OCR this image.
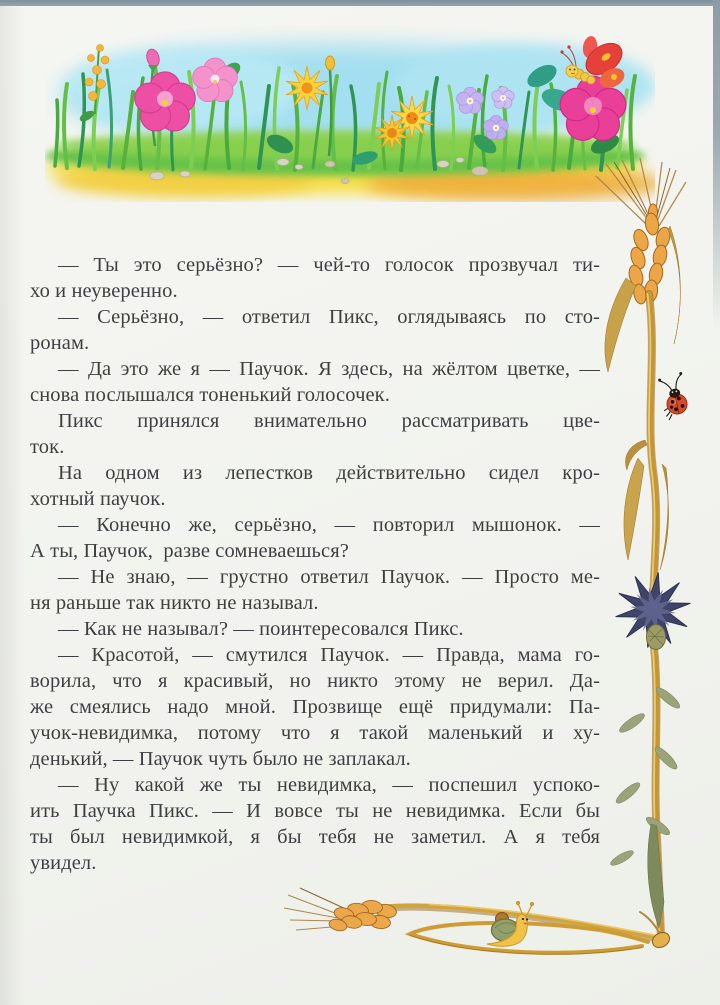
— Ты это серьёзно? — чей-то голосок прозвучал ти-
хо и неуверенно.
— Серьёзно, — ответил Пикс, оглядываясь по сто-
ронам.
— Да это же я — Паучок. Я здесь, на жёлтом цветке, —
снова послышался тоненький голосочек.
Пикс принялся внимательно рассматривать цве-
ток.
На одном из лепестков действительно сидел кро-
хотный паучок.
— Конечно же, серьёзно, — повторил мышонок. —
А ты, Паучок,  разве сомневаешься?
— Не знаю, — грустно ответил Паучок. — Просто ме-
ня раньше так никто не называл.
— Как не называл? — поинтересовался Пикс.
— Красотой, — смутился Паучок. — Правда, мама го-
ворила, что я красивый, но никто этому не верил. Да-
же смеялись надо мной. Прозвище ещё придумали: Па-
учок-невидимка, потому что я такой маленький и ху-
денький, — Паучок чуть было не заплакал.
— Ну какой же ты невидимка, — поспешил успоко-
ить Паучка Пикс. — И вовсе ты не невидимка. Если бы
ты был невидимкой, я бы тебя не заметил. А я тебя
увидел.
